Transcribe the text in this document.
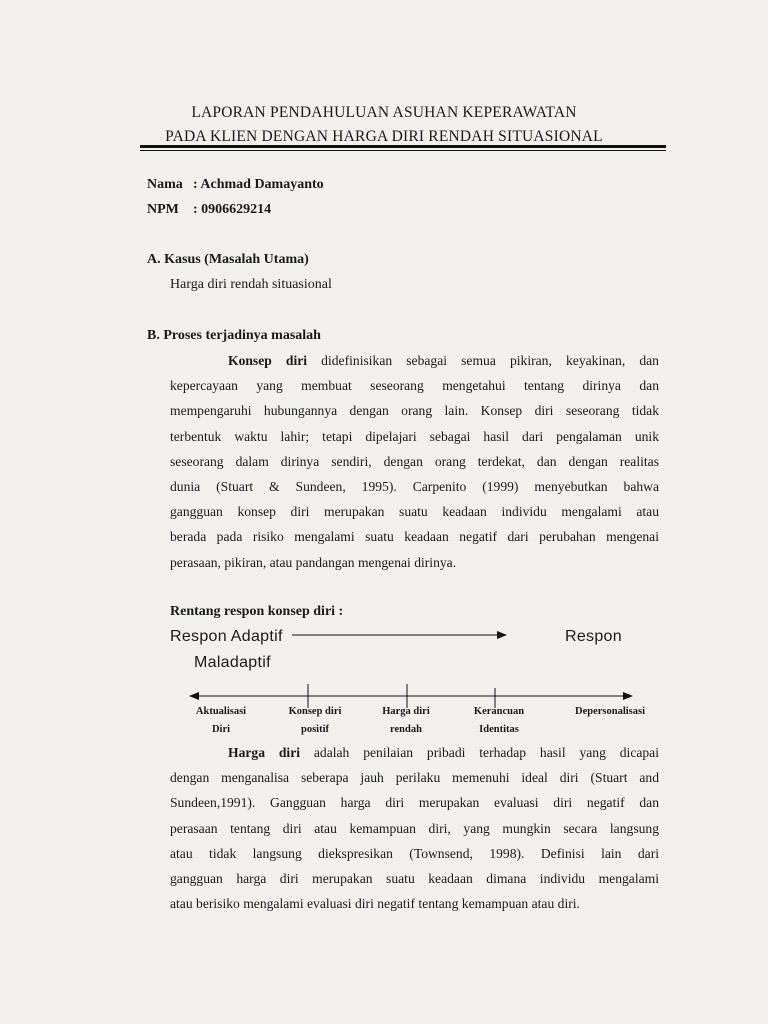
LAPORAN PENDAHULUAN ASUHAN KEPERAWATAN
PADA KLIEN DENGAN HARGA DIRI RENDAH SITUASIONAL
Nama : Achmad Damayanto
NPM : 0906629214
A. Kasus (Masalah Utama)
Harga diri rendah situasional
B. Proses terjadinya masalah
Konsep diri didefinisikan sebagai semua pikiran, keyakinan, dan
kepercayaan yang membuat seseorang mengetahui tentang dirinya dan
mempengaruhi hubungannya dengan orang lain. Konsep diri seseorang tidak
terbentuk waktu lahir; tetapi dipelajari sebagai hasil dari pengalaman unik
seseorang dalam dirinya sendiri, dengan orang terdekat, dan dengan realitas
dunia (Stuart & Sundeen, 1995). Carpenito (1999) menyebutkan bahwa
gangguan konsep diri merupakan suatu keadaan individu mengalami atau
berada pada risiko mengalami suatu keadaan negatif dari perubahan mengenai
perasaan, pikiran, atau pandangan mengenai dirinya.
Rentang respon konsep diri :
Respon Adaptif	Respon
Maladaptif
Aktualisasi
Diri
Konsep diri
positif
Harga diri
rendah
Kerancuan
Identitas
Depersonalisasi
Harga diri adalah penilaian pribadi terhadap hasil yang dicapai
dengan menganalisa seberapa jauh perilaku memenuhi ideal diri (Stuart and
Sundeen,1991). Gangguan harga diri merupakan evaluasi diri negatif dan
perasaan tentang diri atau kemampuan diri, yang mungkin secara langsung
atau tidak langsung diekspresikan (Townsend, 1998). Definisi lain dari
gangguan harga diri merupakan suatu keadaan dimana individu mengalami
atau berisiko mengalami evaluasi diri negatif tentang kemampuan atau diri.
